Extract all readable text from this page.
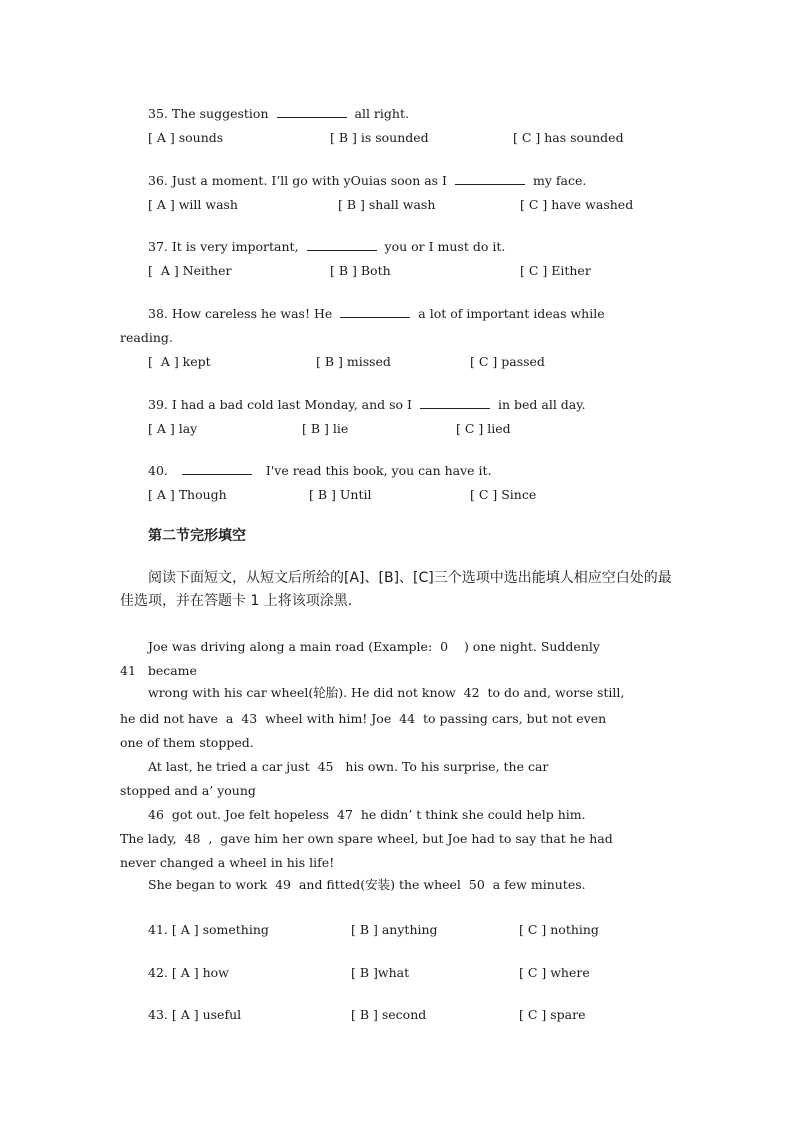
35. The suggestion	all right.
[ A ] sounds	[ B ] is sounded	[ C ] has sounded
36. Just a moment. I’ll go with yOuias soon as I	my face.
[ A ] will wash	[ B ] shall wash	[ C ] have washed
37. It is very important,	you or I must do it.
[  A ] Neither	[ B ] Both	[ C ] Either
38. How careless he was! He	a lot of important ideas while
reading.
[  A ] kept	[ B ] missed	[ C ] passed
39. I had a bad cold last Monday, and so I	in bed all day.
[ A ] lay	[ B ] lie	[ C ] lied
40.	I've read this book, you can have it.
[ A ] Though	[ B ] Until	[ C ] Since
第二节完形填空
阅读下面短文，从短文后所给的[A]、[B]、[C]三个选项中选出能填人相应空白处的最
佳选项，并在答题卡 1 上将该项涂黑.
Joe was driving along a main road (Example:  0    ) one night. Suddenly
41   became
wrong with his car wheel(轮胎). He did not know  42  to do and, worse still,
he did not have  a  43  wheel with him! Joe  44  to passing cars, but not even
one of them stopped.
At last, he tried a car just  45   his own. To his surprise, the car
stopped and a’ young
46  got out. Joe felt hopeless  47  he didn’ t think she could help him.
The lady,  48  ,  gave him her own spare wheel, but Joe had to say that he had
never changed a wheel in his life!
She began to work  49  and fitted(安装) the wheel  50  a few minutes.
41. [ A ] something	[ B ] anything	[ C ] nothing
42. [ A ] how	[ B ]what	[ C ] where
43. [ A ] useful	[ B ] second	[ C ] spare
